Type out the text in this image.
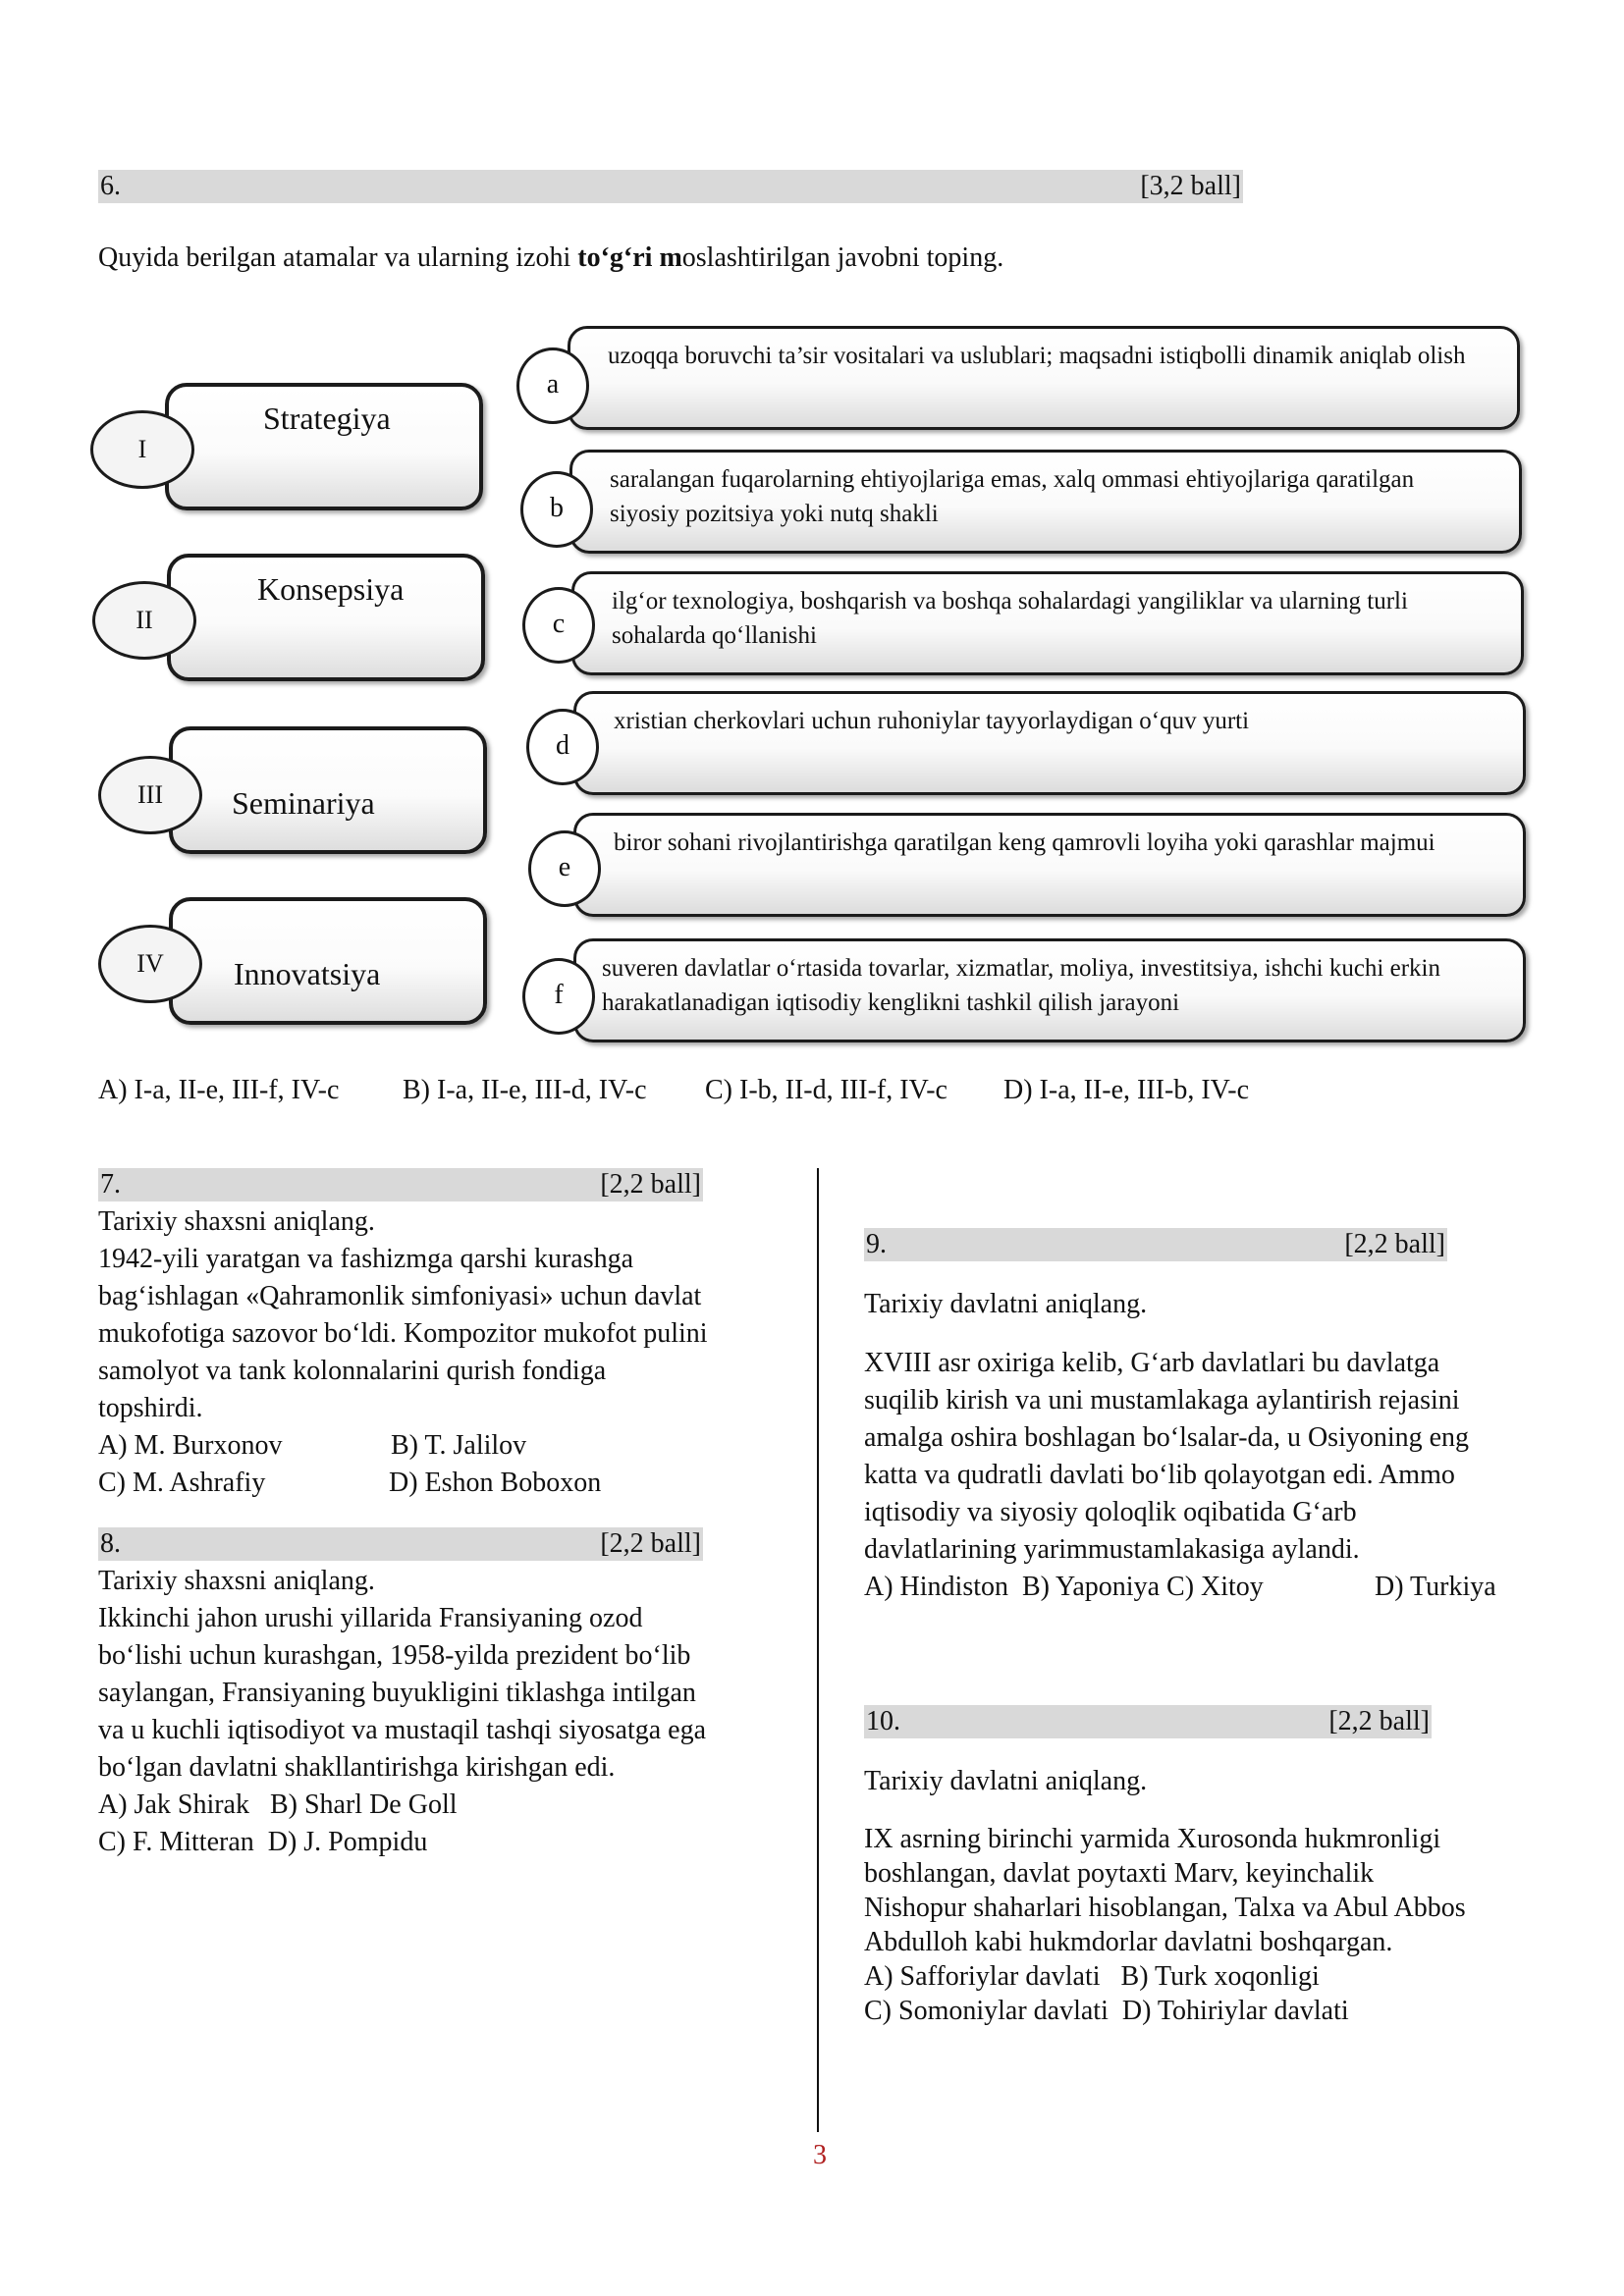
6.	[3,2 ball]
Quyida berilgan atamalar va ularning izohi to‘g‘ri moslashtirilgan javobni toping.
Strategiya
I
Konsepsiya
II
Seminariya
III
Innovatsiya
IV
uzoqqa boruvchi ta’sir vositalari va uslublari; maqsadni istiqbolli dinamik aniqlab olish
a
saralangan fuqarolarning ehtiyojlariga emas, xalq ommasi ehtiyojlariga qaratilgan siyosiy pozitsiya yoki nutq shakli
b
ilg‘or texnologiya, boshqarish va boshqa sohalardagi yangiliklar va ularning turli sohalarda qo‘llanishi
c
xristian cherkovlari uchun ruhoniylar tayyorlaydigan o‘quv yurti
d
biror sohani rivojlantirishga qaratilgan keng qamrovli loyiha yoki qarashlar majmui
e
suveren davlatlar o‘rtasida tovarlar, xizmatlar, moliya, investitsiya, ishchi kuchi erkin harakatlanadigan iqtisodiy kenglikni tashkil qilish jarayoni
f
A) I-a, II-e, III-f, IV-c B) I-a, II-e, III-d, IV-c C) I-b, II-d, III-f, IV-c D) I-a, II-e, III-b, IV-c
7.	[2,2 ball]
Tarixiy shaxsni aniqlang.
1942-yili yaratgan va fashizmga qarshi kurashga
bag‘ishlagan «Qahramonlik simfoniyasi» uchun davlat
mukofotiga sazovor bo‘ldi. Kompozitor mukofot pulini
samolyot va tank kolonnalarini qurish fondiga
topshirdi.
A) M. Burxonov	B) T. Jalilov
C) M. Ashrafiy	D) Eshon Boboxon
8.	[2,2 ball]
Tarixiy shaxsni aniqlang.
Ikkinchi jahon urushi yillarida Fransiyaning ozod
bo‘lishi uchun kurashgan, 1958-yilda prezident bo‘lib
saylangan, Fransiyaning buyukligini tiklashga intilgan
va u kuchli iqtisodiyot va mustaqil tashqi siyosatga ega
bo‘lgan davlatni shakllantirishga kirishgan edi.
A) Jak Shirak   B) Sharl De Goll
C) F. Mitteran  D) J. Pompidu
9.	[2,2 ball]
Tarixiy davlatni aniqlang.
XVIII asr oxiriga kelib, G‘arb davlatlari bu davlatga
suqilib kirish va uni mustamlakaga aylantirish rejasini
amalga oshira boshlagan bo‘lsalar-da, u Osiyoning eng
katta va qudratli davlati bo‘lib qolayotgan edi. Ammo
iqtisodiy va siyosiy qoloqlik oqibatida G‘arb
davlatlarining yarimmustamlakasiga aylandi.
A) Hindiston  B) Yaponiya C) Xitoy	D) Turkiya
10.	[2,2 ball]
Tarixiy davlatni aniqlang.
IX asrning birinchi yarmida Xurosonda hukmronligi
boshlangan, davlat poytaxti Marv, keyinchalik
Nishopur shaharlari hisoblangan, Talxa va Abul Abbos
Abdulloh kabi hukmdorlar davlatni boshqargan.
A) Safforiylar davlati   B) Turk xoqonligi
C) Somoniylar davlati  D) Tohiriylar davlati
3
